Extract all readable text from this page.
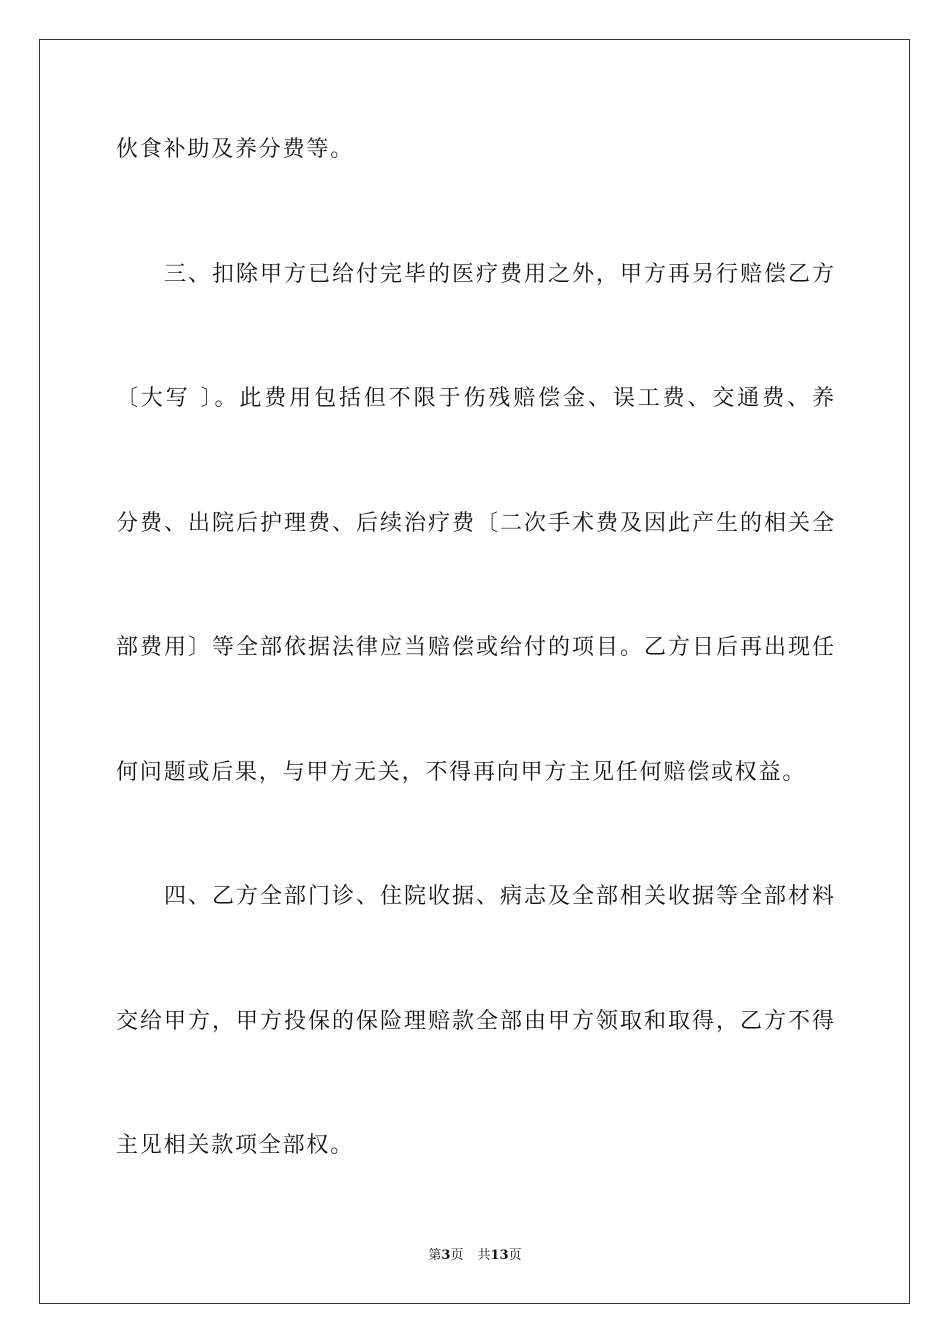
伙食补助及养分费等。
三、扣除甲方已给付完毕的医疗费用之外，甲方再另行赔偿乙方
〔大写 〕。此费用包括但不限于伤残赔偿金、误工费、交通费、养
分费、出院后护理费、后续治疗费〔二次手术费及因此产生的相关全
部费用〕等全部依据法律应当赔偿或给付的项目。乙方日后再出现任
何问题或后果，与甲方无关，不得再向甲方主见任何赔偿或权益。
四、乙方全部门诊、住院收据、病志及全部相关收据等全部材料
交给甲方，甲方投保的保险理赔款全部由甲方领取和取得，乙方不得
主见相关款项全部权。
第3页 共13页
